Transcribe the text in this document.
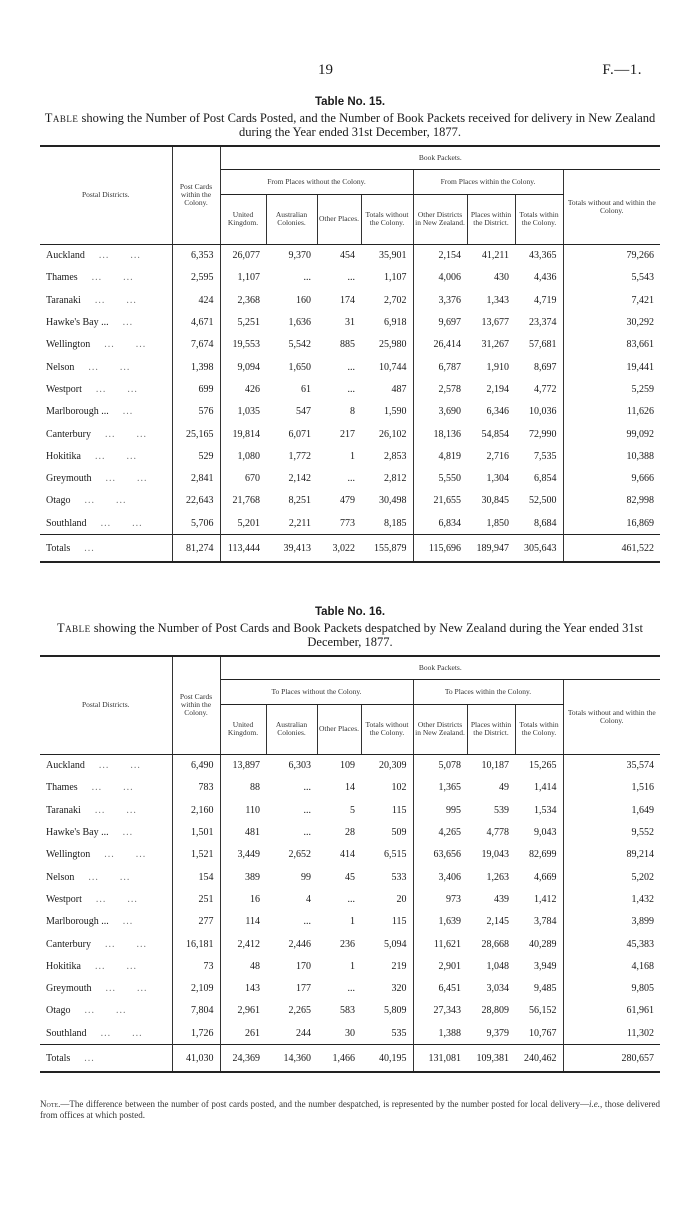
19	F.—1.
Table No. 15.
Table showing the Number of Post Cards Posted, and the Number of Book Packets received for delivery in New Zealand during the Year ended 31st December, 1877.
Postal Districts.	Post Cards within the Colony.	Book Packets.							
		From Places without the Colony.				From Places within the Colony.			Totals without and within the Colony.
		United Kingdom.	Australian Colonies.	Other Places.	Totals without the Colony.	Other Districts in New Zealand.	Places within the District.	Totals within the Colony.	
Auckland ...      ...	6,353	26,077	9,370	454	35,901	2,154	41,211	43,365	79,266
Thames ...      ...	2,595	1,107	...	...	1,107	4,006	430	4,436	5,543
Taranaki ...      ...	424	2,368	160	174	2,702	3,376	1,343	4,719	7,421
Hawke's Bay ... ...	4,671	5,251	1,636	31	6,918	9,697	13,677	23,374	30,292
Wellington ...      ...	7,674	19,553	5,542	885	25,980	26,414	31,267	57,681	83,661
Nelson ...      ...	1,398	9,094	1,650	...	10,744	6,787	1,910	8,697	19,441
Westport ...      ...	699	426	61	...	487	2,578	2,194	4,772	5,259
Marlborough ... ...	576	1,035	547	8	1,590	3,690	6,346	10,036	11,626
Canterbury ...      ...	25,165	19,814	6,071	217	26,102	18,136	54,854	72,990	99,092
Hokitika ...      ...	529	1,080	1,772	1	2,853	4,819	2,716	7,535	10,388
Greymouth ...      ...	2,841	670	2,142	...	2,812	5,550	1,304	6,854	9,666
Otago ...      ...	22,643	21,768	8,251	479	30,498	21,655	30,845	52,500	82,998
Southland ...      ...	5,706	5,201	2,211	773	8,185	6,834	1,850	8,684	16,869
Totals ...	81,274	113,444	39,413	3,022	155,879	115,696	189,947	305,643	461,522
Table No. 16.
Table showing the Number of Post Cards and Book Packets despatched by New Zealand during the Year ended 31st December, 1877.
Postal Districts.	Post Cards within the Colony.	Book Packets.							
		To Places without the Colony.				To Places within the Colony.			Totals without and within the Colony.
		United Kingdom.	Australian Colonies.	Other Places.	Totals without the Colony.	Other Districts in New Zealand.	Places within the District.	Totals within the Colony.	
Auckland ...      ...	6,490	13,897	6,303	109	20,309	5,078	10,187	15,265	35,574
Thames ...      ...	783	88	...	14	102	1,365	49	1,414	1,516
Taranaki ...      ...	2,160	110	...	5	115	995	539	1,534	1,649
Hawke's Bay ... ...	1,501	481	...	28	509	4,265	4,778	9,043	9,552
Wellington ...      ...	1,521	3,449	2,652	414	6,515	63,656	19,043	82,699	89,214
Nelson ...      ...	154	389	99	45	533	3,406	1,263	4,669	5,202
Westport ...      ...	251	16	4	...	20	973	439	1,412	1,432
Marlborough ... ...	277	114	...	1	115	1,639	2,145	3,784	3,899
Canterbury ...      ...	16,181	2,412	2,446	236	5,094	11,621	28,668	40,289	45,383
Hokitika ...      ...	73	48	170	1	219	2,901	1,048	3,949	4,168
Greymouth ...      ...	2,109	143	177	...	320	6,451	3,034	9,485	9,805
Otago ...      ...	7,804	2,961	2,265	583	5,809	27,343	28,809	56,152	61,961
Southland ...      ...	1,726	261	244	30	535	1,388	9,379	10,767	11,302
Totals ...	41,030	24,369	14,360	1,466	40,195	131,081	109,381	240,462	280,657
Note.—The difference between the number of post cards posted, and the number despatched, is represented by the number posted for local delivery—i.e., those delivered from offices at which posted.
